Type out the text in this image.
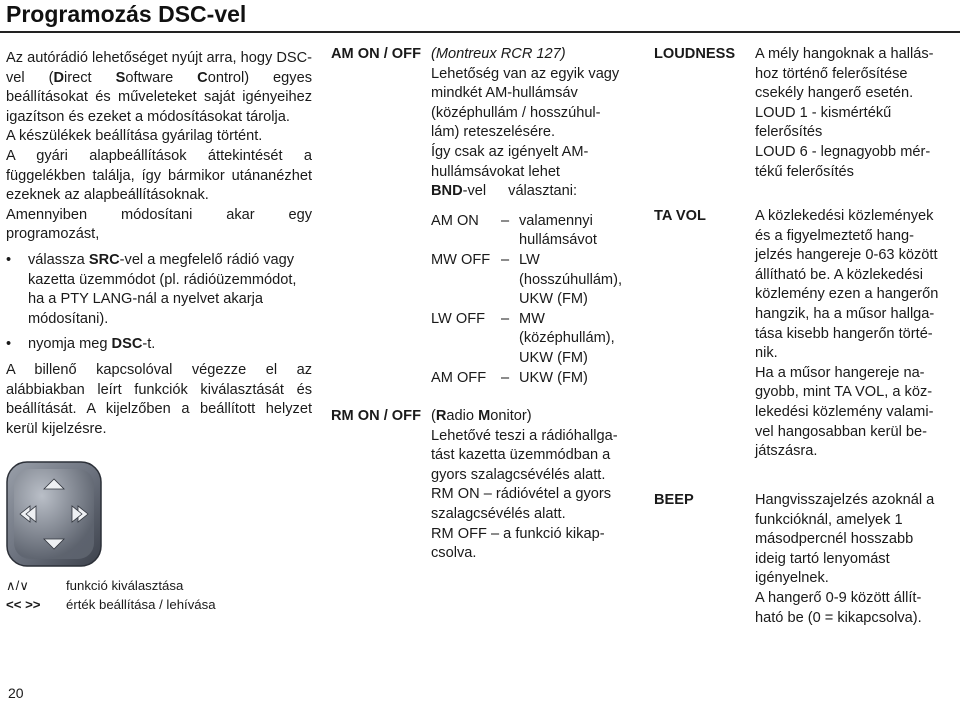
Programozás DSC-vel

Az autórádió lehetőséget nyújt arra, hogy DSC-vel (Direct Software Control) egyes beállításokat és műveleteket saját igényeihez igazítson és ezeket a módosításokat tárolja.

A készülékek beállítása gyárilag történt.

A gyári alapbeállítások áttekintését a függelékben találja, így bármikor utánanézhet ezeknek az alapbeállításoknak.

Amennyiben módosítani akar egy programozást,

• válassza SRC-vel a megfelelő rádió vagy kazetta üzemmódot (pl. rádióüzemmódot, ha a PTY LANG-nál a nyelvet akarja módosítani).
• nyomja meg DSC-t.

A billenő kapcsolóval végezze el az alábbiakban leírt funkciók kiválasztását és beállítását. A kijelzőben a beállított helyzet kerül kijelzésre.

∧/∨	funkció kiválasztása
<< >> érték beállítása / lehívása
AM ON / OFF (Montreux RCR 127)

Lehetőség van az egyik vagy

mindkét AM-hullámsáv

(középhullám / hosszúhul-

lám) reteszelésére.

Így csak az igényelt AM-

hullámsávokat lehet

BND-vel választani:

AM ON – valamennyi
hullámsávot
MW OFF – LW
(hosszúhullám),
UKW (FM)
LW OFF – MW
(középhullám),
UKW (FM)
AM OFF – UKW (FM)
RM ON / OFF (Radio Monitor)

Lehetővé teszi a rádióhallga-

tást kazetta üzemmódban a

gyors szalagcsévélés alatt.

RM ON – rádióvétel a gyors

szalagcsévélés alatt.

RM OFF – a funkció kikap-

csolva.

LOUDNESS A mély hangoknak a hallás-

hoz történő felerősítése

csekély hangerő esetén.

LOUD 1 - kismértékű

felerősítés

LOUD 6 - legnagyobb mér-

tékű felerősítés

TA VOL	A közlekedési közlemények

és a figyelmeztető hang-

jelzés hangereje 0-63 között

állítható be. A közlekedési

közlemény ezen a hangerőn

hangzik, ha a műsor hallga-

tása kisebb hangerőn törté-

nik.

Ha a műsor hangereje na-

gyobb, mint TA VOL, a köz-

lekedési közlemény valami-

vel hangosabban kerül be-

játszásra.

BEEP	Hangvisszajelzés azoknál a

funkcióknál, amelyek 1

másodpercnél hosszabb

ideig tartó lenyomást

igényelnek.

A hangerő 0-9 között állít-

ható be (0 = kikapcsolva).

20
